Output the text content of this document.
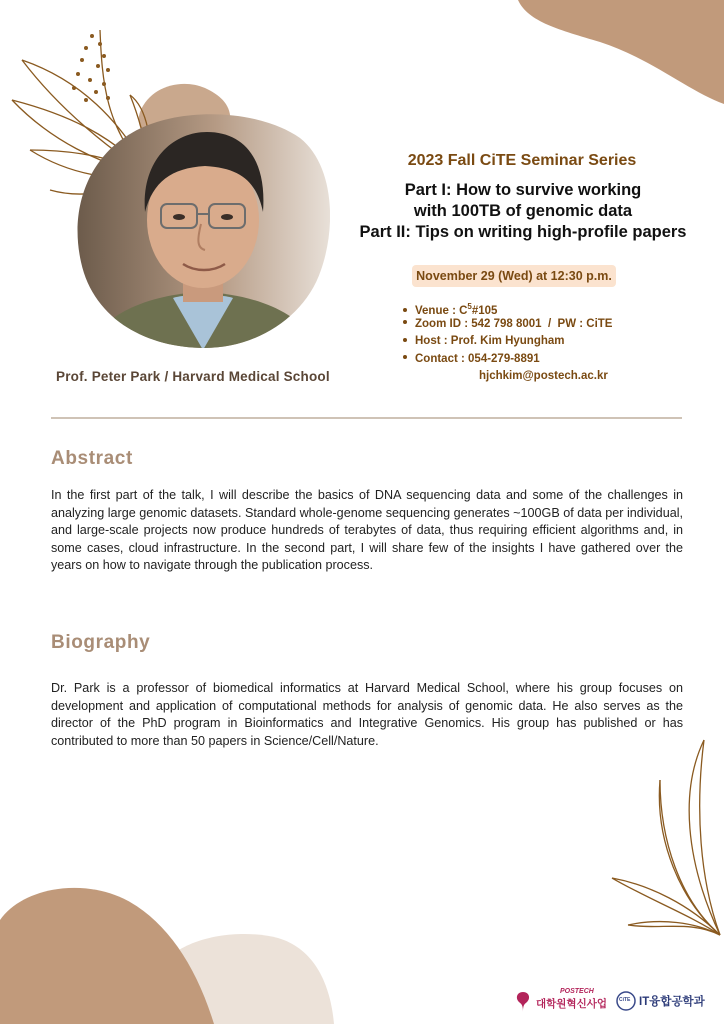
Prof. Peter Park / Harvard Medical School
2023 Fall CiTE Seminar Series
Part I: How to survive working
with 100TB of genomic data
Part II: Tips on writing high-profile papers
November 29 (Wed) at 12:30 p.m.
Venue : $C^5\#105$
Zoom ID : 542 798 8001  /  PW : CiTE
Host : Prof. Kim Hyungham
Contact : 054-279-8891
hjchkim@postech.ac.kr
Abstract
In the first part of the talk, I will describe the basics of DNA sequencing data and some of the challenges in analyzing large genomic datasets. Standard whole-genome sequencing generates ~100GB of data per individual, and large-scale projects now produce hundreds of terabytes of data, thus requiring efficient algorithms and, in some cases, cloud infrastructure. In the second part, I will share few of the insights I have gathered over the years on how to navigate through the publication process.
Biography
Dr. Park is a professor of biomedical informatics at Harvard Medical School, where his group focuses on development and application of computational methods for analysis of genomic data. He also serves as the director of the PhD program in Bioinformatics and Integrative Genomics. His group has published or has contributed to more than 50 papers in Science/Cell/Nature.
POSTECH
대학원혁신사업 CiTE IT융합공학과
